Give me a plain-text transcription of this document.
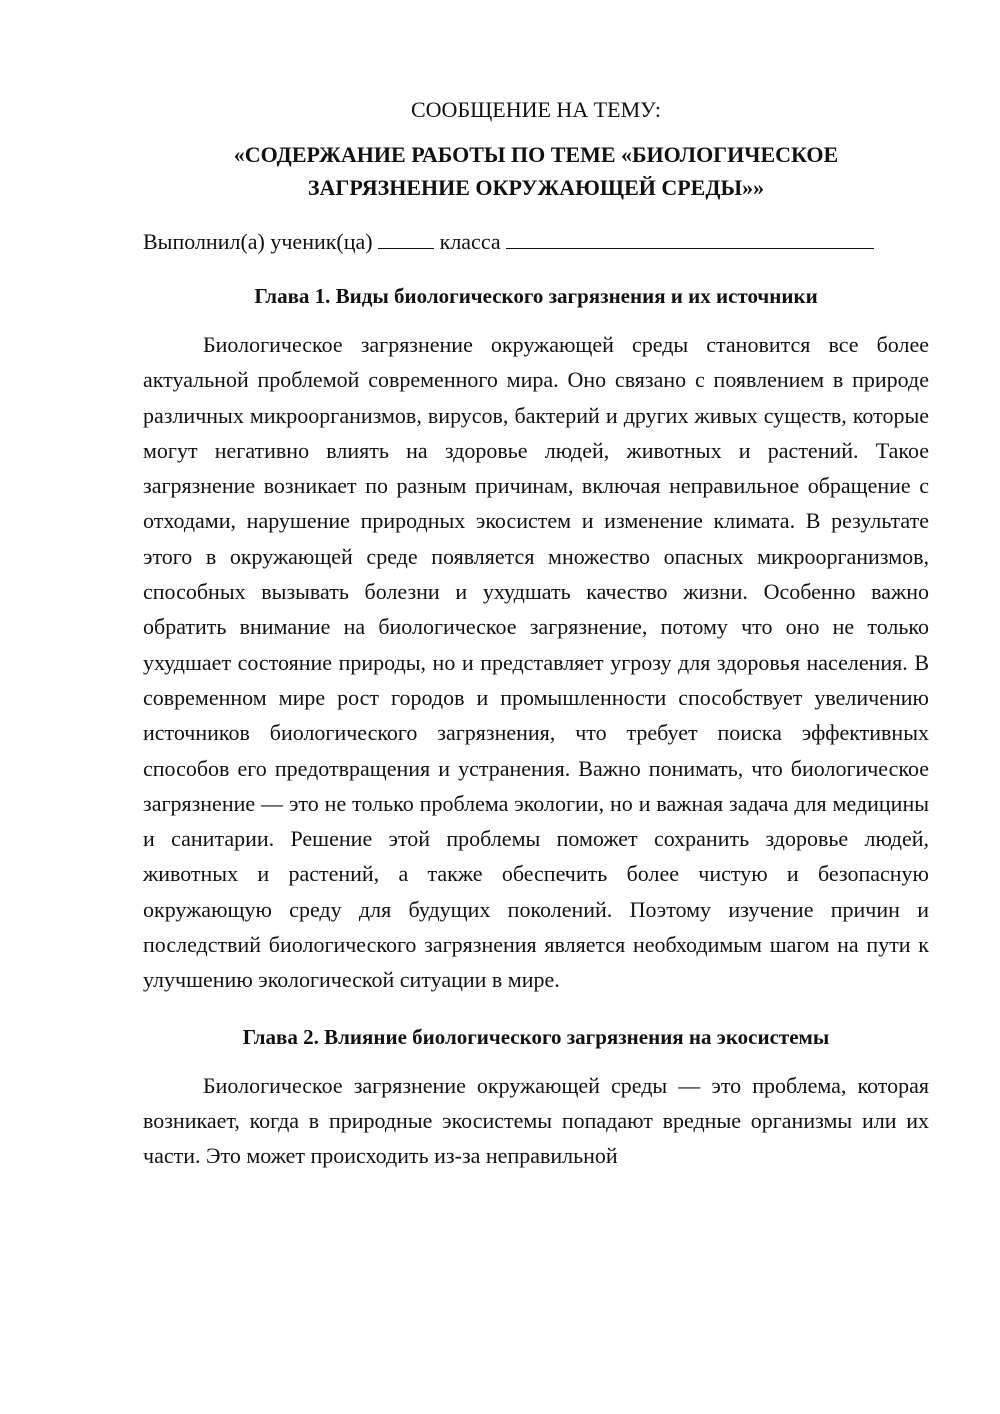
СООБЩЕНИЕ НА ТЕМУ:

«СОДЕРЖАНИЕ РАБОТЫ ПО ТЕМЕ «БИОЛОГИЧЕСКОЕ
ЗАГРЯЗНЕНИЕ ОКРУЖАЮЩЕЙ СРЕДЫ»»

Выполнил(а) ученик(ца)	класса

Глава 1. Виды биологического загрязнения и их источники

Биологическое загрязнение окружающей среды становится все более актуальной проблемой современного мира. Оно связано с появлением в природе различных микроорганизмов, вирусов, бактерий и других живых существ, которые могут негативно влиять на здоровье людей, животных и растений. Такое загрязнение возникает по разным причинам, включая неправильное обращение с отходами, нарушение природных экосистем и изменение климата. В результате этого в окружающей среде появляется множество опасных микроорганизмов, способных вызывать болезни и ухудшать качество жизни. Особенно важно обратить внимание на биологическое загрязнение, потому что оно не только ухудшает состояние природы, но и представляет угрозу для здоровья населения. В современном мире рост городов и промышленности способствует увеличению источников биологического загрязнения, что требует поиска эффективных способов его предотвращения и устранения. Важно понимать, что биологическое загрязнение — это не только проблема экологии, но и важная задача для медицины и санитарии. Решение этой проблемы поможет сохранить здоровье людей, животных и растений, а также обеспечить более чистую и безопасную окружающую среду для будущих поколений. Поэтому изучение причин и последствий биологического загрязнения является необходимым шагом на пути к улучшению экологической ситуации в мире.

Глава 2. Влияние биологического загрязнения на экосистемы

Биологическое загрязнение окружающей среды — это проблема, которая возникает, когда в природные экосистемы попадают вредные организмы или их части. Это может происходить из-за неправильной
